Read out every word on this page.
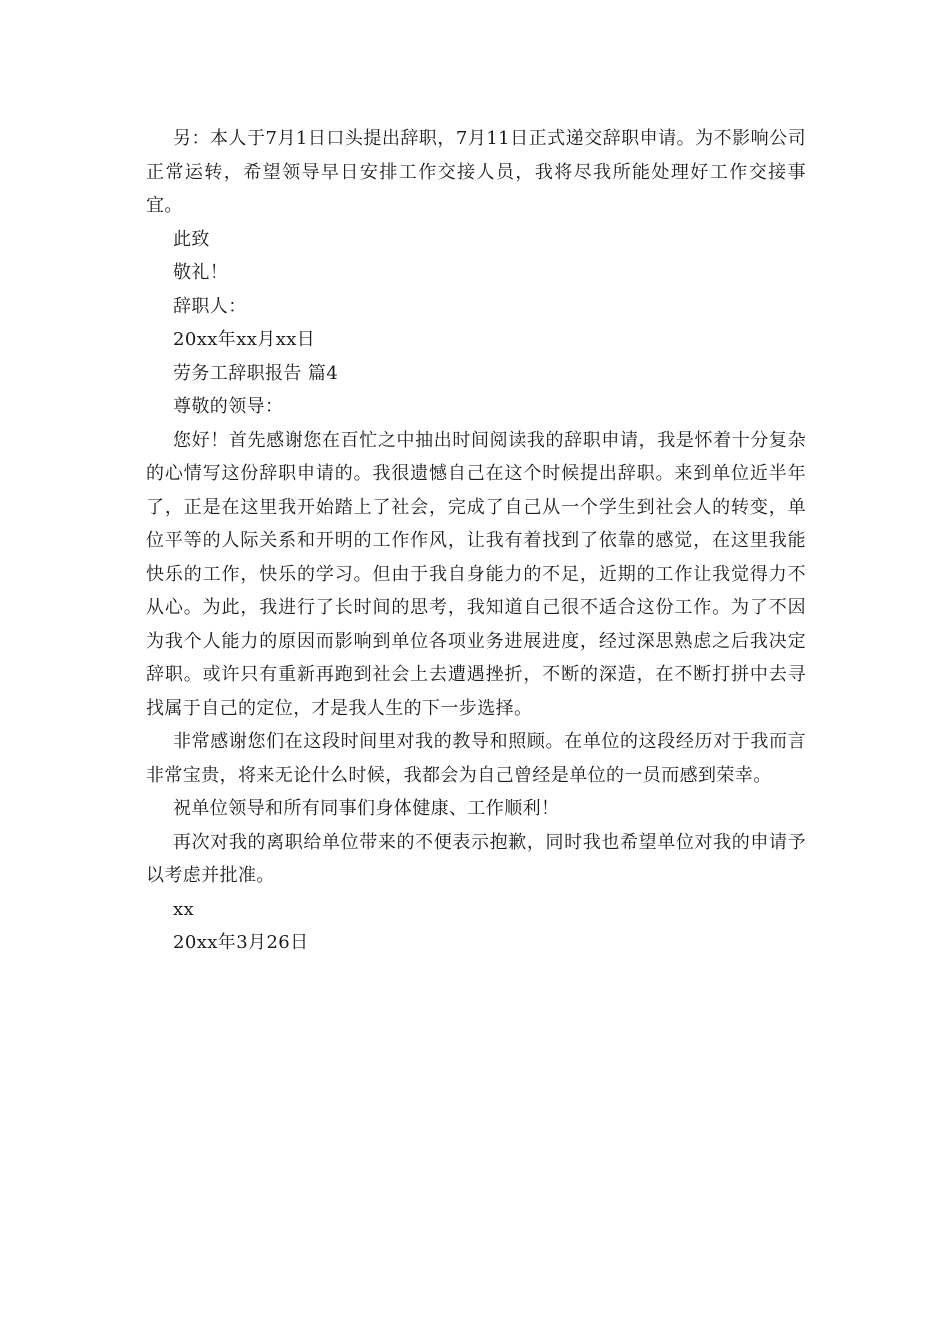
另：本人于7月1日口头提出辞职，7月11日正式递交辞职申请。为不影响公司正常运转，希望领导早日安排工作交接人员，我将尽我所能处理好工作交接事宜。

此致

敬礼！

辞职人：

20xx年xx月xx日

劳务工辞职报告 篇4

尊敬的领导：

您好！首先感谢您在百忙之中抽出时间阅读我的辞职申请，我是怀着十分复杂的心情写这份辞职申请的。我很遗憾自己在这个时候提出辞职。来到单位近半年了，正是在这里我开始踏上了社会，完成了自己从一个学生到社会人的转变，单位平等的人际关系和开明的工作作风，让我有着找到了依靠的感觉，在这里我能快乐的工作，快乐的学习。但由于我自身能力的不足，近期的工作让我觉得力不从心。为此，我进行了长时间的思考，我知道自己很不适合这份工作。为了不因为我个人能力的原因而影响到单位各项业务进展进度，经过深思熟虑之后我决定辞职。或许只有重新再跑到社会上去遭遇挫折，不断的深造，在不断打拼中去寻找属于自己的定位，才是我人生的下一步选择。

非常感谢您们在这段时间里对我的教导和照顾。在单位的这段经历对于我而言非常宝贵，将来无论什么时候，我都会为自己曾经是单位的一员而感到荣幸。

祝单位领导和所有同事们身体健康、工作顺利！

再次对我的离职给单位带来的不便表示抱歉，同时我也希望单位对我的申请予以考虑并批准。

xx

20xx年3月26日
